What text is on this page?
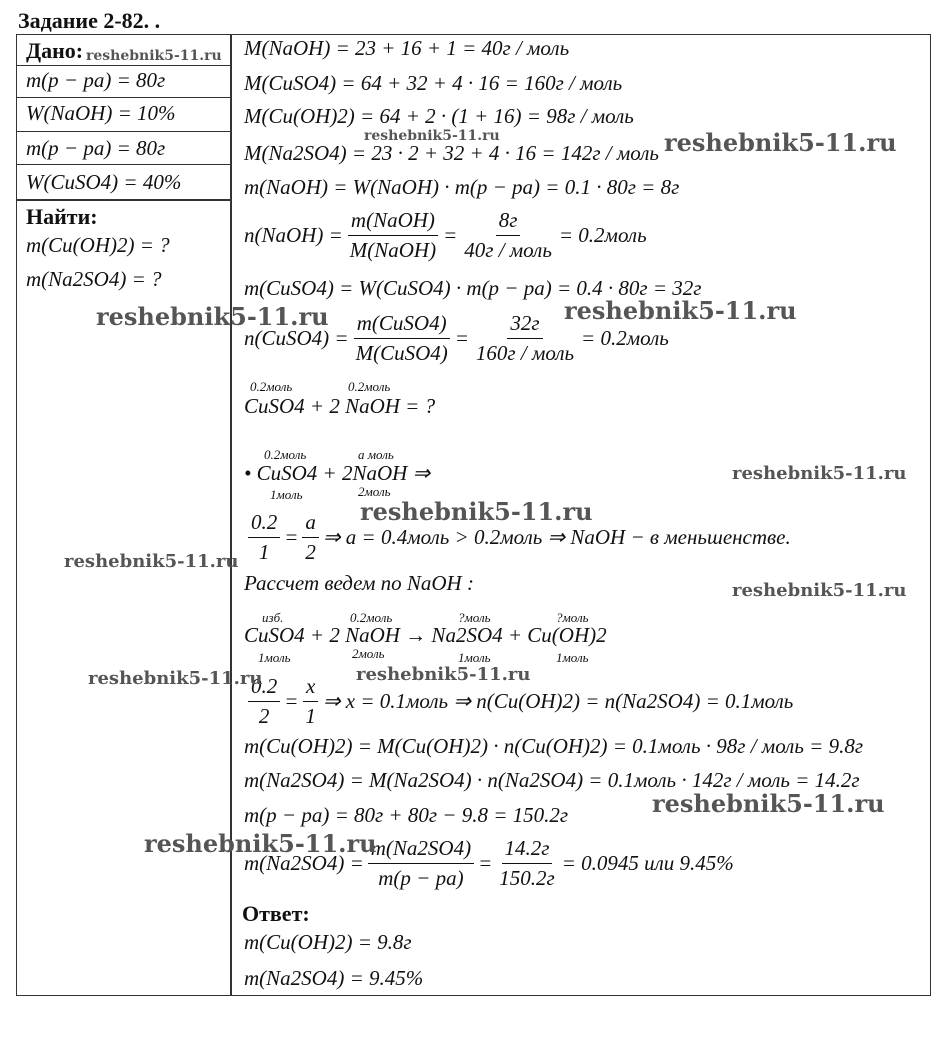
Задание 2-82. .
Дано:
m(p − pa) = 80г
W(NaOH) = 10%
m(p − pa) = 80г
W(CuSO4) = 40%
Найти:
m(Cu(OH)2) = ?
m(Na2SO4) = ?
M(NaOH) = 23 + 16 + 1 = 40г / моль
M(CuSO4) = 64 + 32 + 4 · 16 = 160г / моль
M(Cu(OH)2) = 64 + 2 · (1 + 16) = 98г / моль
M(Na2SO4) = 23 · 2 + 32 + 4 · 16 = 142г / моль
m(NaOH) = W(NaOH) · m(p − pa) = 0.1 · 80г = 8г
n(NaOH) = $\frac{\text{m(NaOH)}}{\text{M(NaOH)}} = \frac{8г}{\text{40г / моль}}$ = 0.2моль
m(CuSO4) = W(CuSO4) · m(p − pa) = 0.4 · 80г = 32г
n(CuSO4) = $\frac{\text{m(CuSO4)}}{\text{M(CuSO4)}} = \frac{32г}{\text{160г / моль}}$ = 0.2моль
0.2моль	0.2моль
CuSO4 + 2 NaOH = ?
0.2моль	a моль
• CuSO4 + 2NaOH ⇒
1моль	2моль
$\frac{0.2}{1} = \frac{a}{2}$ ⇒ a = 0.4моль > 0.2моль ⇒ NaOH − в меньшенстве.
Рассчет ведем по NaOH :
изб.	0.2моль	?моль	?моль
CuSO4 + 2 NaOH → Na2SO4 + Cu(OH)2
1моль	2моль	1моль	1моль
$\frac{0.2}{2} = \frac{x}{1}$ ⇒ x = 0.1моль ⇒ n(Cu(OH)2) = n(Na2SO4) = 0.1моль
m(Cu(OH)2) = M(Cu(OH)2) · n(Cu(OH)2) = 0.1моль · 98г / моль = 9.8г
m(Na2SO4) = M(Na2SO4) · n(Na2SO4) = 0.1моль · 142г / моль = 14.2г
m(p − pa) = 80г + 80г − 9.8 = 150.2г
$m(Na2SO4) = \frac{m(Na2SO4)}{m(p - pa)} = \frac{14.2г}{150.2г} = 0.0945$ или 9.45%
Ответ:
m(Cu(OH)2) = 9.8г
m(Na2SO4) = 9.45%
reshebnik5-11.ru
reshebnik5-11.ru	reshebnik5-11.ru
reshebnik5-11.ru	reshebnik5-11.ru
reshebnik5-11.ru
reshebnik5-11.ru
reshebnik5-11.ru
reshebnik5-11.ru
reshebnik5-11.ru
reshebnik5-11.ru
reshebnik5-11.ru
reshebnik5-11.ru
